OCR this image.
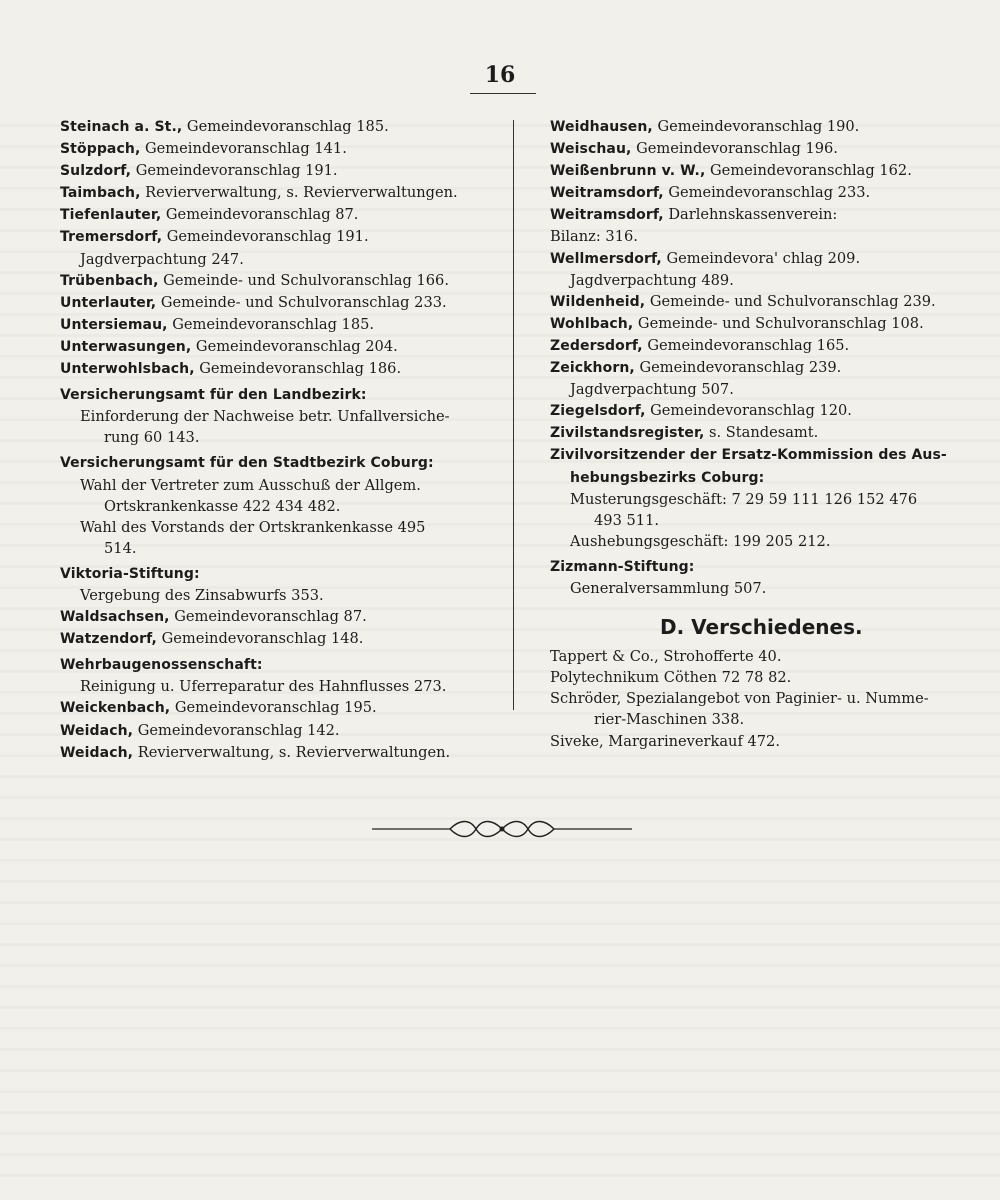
16
Steinach a. St., Gemeindevoranschlag 185.
Stöppach, Gemeindevoranschlag 141.
Sulzdorf, Gemeindevoranschlag 191.
Taimbach, Revierverwaltung, s. Revierverwaltungen.
Tiefenlauter, Gemeindevoranschlag 87.
Tremersdorf, Gemeindevoranschlag 191.
Jagdverpachtung 247.
Trübenbach, Gemeinde- und Schulvoranschlag 166.
Unterlauter, Gemeinde- und Schulvoranschlag 233.
Untersiemau, Gemeindevoranschlag 185.
Unterwasungen, Gemeindevoranschlag 204.
Unterwohlsbach, Gemeindevoranschlag 186.
Versicherungsamt für den Landbezirk:
Einforderung der Nachweise betr. Unfallversiche-
rung 60 143.
Versicherungsamt für den Stadtbezirk Coburg:
Wahl der Vertreter zum Ausschuß der Allgem.
Ortskrankenkasse 422 434 482.
Wahl des Vorstands der Ortskrankenkasse 495
514.
Viktoria-Stiftung:
Vergebung des Zinsabwurfs 353.
Waldsachsen, Gemeindevoranschlag 87.
Watzendorf, Gemeindevoranschlag 148.
Wehrbaugenossenschaft:
Reinigung u. Uferreparatur des Hahnflusses 273.
Weickenbach, Gemeindevoranschlag 195.
Weidach, Gemeindevoranschlag 142.
Weidach, Revierverwaltung, s. Revierverwaltungen.
Weidhausen, Gemeindevoranschlag 190.
Weischau, Gemeindevoranschlag 196.
Weißenbrunn v. W., Gemeindevoranschlag 162.
Weitramsdorf, Gemeindevoranschlag 233.
Weitramsdorf, Darlehnskassenverein:
Bilanz: 316.
Wellmersdorf, Gemeindevora' chlag 209.
Jagdverpachtung 489.
Wildenheid, Gemeinde- und Schulvoranschlag 239.
Wohlbach, Gemeinde- und Schulvoranschlag 108.
Zedersdorf, Gemeindevoranschlag 165.
Zeickhorn, Gemeindevoranschlag 239.
Jagdverpachtung 507.
Ziegelsdorf, Gemeindevoranschlag 120.
Zivilstandsregister, s. Standesamt.
Zivilvorsitzender der Ersatz-Kommission des Aus-
hebungsbezirks Coburg:
Musterungsgeschäft: 7 29 59 111 126 152 476
493 511.
Aushebungsgeschäft: 199 205 212.
Zizmann-Stiftung:
Generalversammlung 507.
D. Verschiedenes.
Tappert & Co., Strohofferte 40.
Polytechnikum Cöthen 72 78 82.
Schröder, Spezialangebot von Paginier- u. Numme-
rier-Maschinen 338.
Siveke, Margarineverkauf 472.
